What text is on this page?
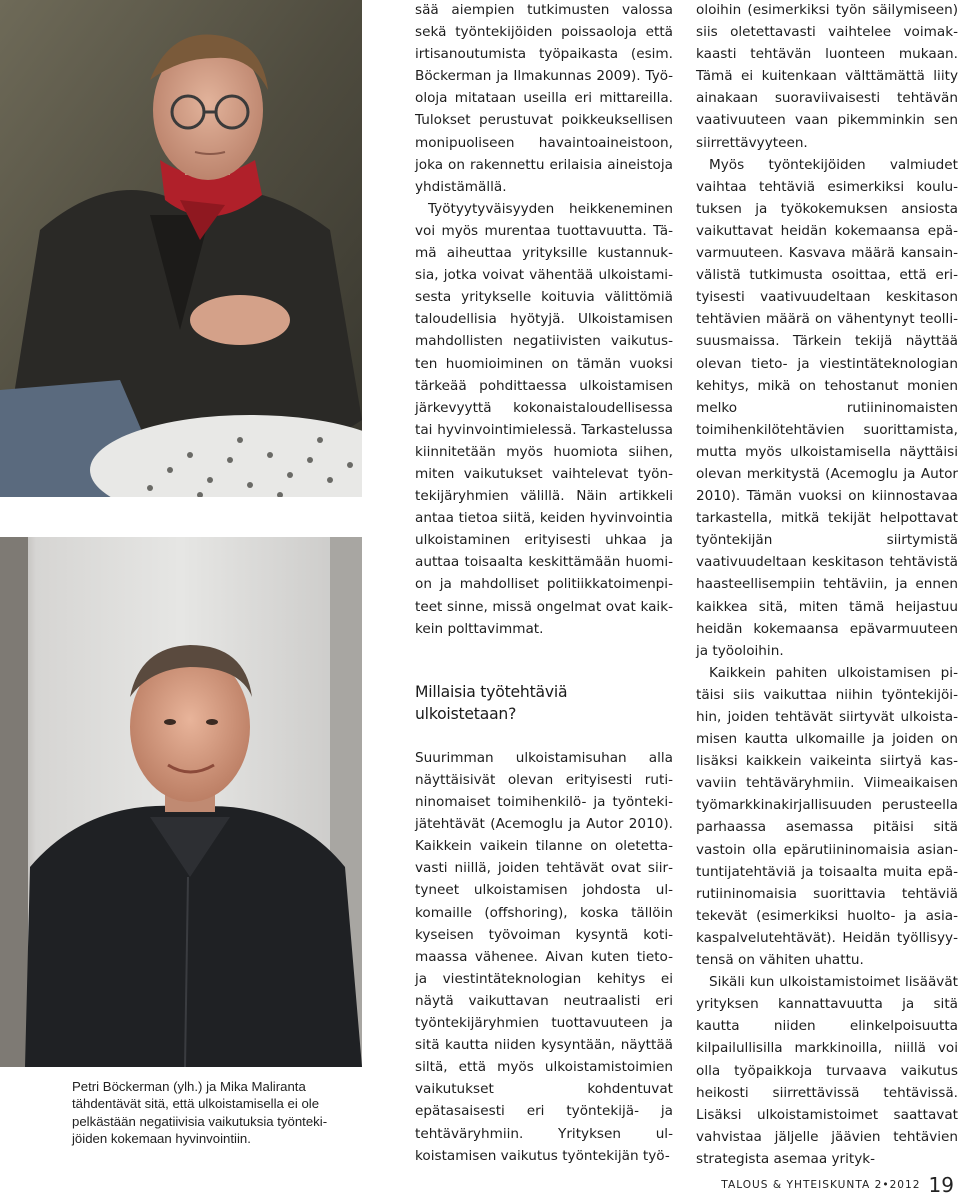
Petri Böckerman (ylh.) ja Mika Maliranta tähdentävät sitä, että ulkoistamisella ei ole pelkästään negatiivisia vaikutuksia työntekijöiden kokemaan hyvinvointiin.

sää aiempien tutkimusten valossa sekä työntekijöiden poissaoloja että irtisanoutumista työpaikasta (esim. Böckerman ja Ilmakunnas 2009). Työoloja mitataan useilla eri mittareilla. Tulokset perustuvat poikkeuksellisen monipuoliseen havaintoaineistoon, joka on rakennettu erilaisia aineistoja yhdistämällä.

Työtyytyväisyyden heikkeneminen voi myös murentaa tuottavuutta. Tämä aiheuttaa yrityksille kustannuksia, jotka voivat vähentää ulkoistamisesta yritykselle koituvia välittömiä taloudellisia hyötyjä. Ulkoistamisen mahdollisten negatiivisten vaikutusten huomioiminen on tämän vuoksi tärkeää pohdittaessa ulkoistamisen järkevyyttä kokonaistaloudellisessa tai hyvinvointimielessä. Tarkastelussa kiinnitetään myös huomiota siihen, miten vaikutukset vaihtelevat työntekijäryhmien välillä. Näin artikkeli antaa tietoa siitä, keiden hyvinvointia ulkoistaminen erityisesti uhkaa ja auttaa toisaalta keskittämään huomion ja mahdolliset politiikkatoimenpiteet sinne, missä ongelmat ovat kaikkein polttavimmat.

Millaisia työtehtäviä ulkoistetaan?

Suurimman ulkoistamisuhan alla näyttäisivät olevan erityisesti rutininomaiset toimihenkilö- ja työntekijätehtävät (Acemoglu ja Autor 2010). Kaikkein vaikein tilanne on oletettavasti niillä, joiden tehtävät ovat siirtyneet ulkoistamisen johdosta ulkomaille (offshoring), koska tällöin kyseisen työvoiman kysyntä kotimaassa vähenee. Aivan kuten tieto- ja viestintäteknologian kehitys ei näytä vaikuttavan neutraalisti eri työntekijäryhmien tuottavuuteen ja sitä kautta niiden kysyntään, näyttää siltä, että myös ulkoistamistoimien vaikutukset kohdentuvat epätasaisesti eri työntekijä- ja tehtäväryhmiin. Yrityksen ulkoistamisen vaikutus työntekijän työ-

oloihin (esimerkiksi työn säilymiseen) siis oletettavasti vaihtelee voimakkaasti tehtävän luonteen mukaan. Tämä ei kuitenkaan välttämättä liity ainakaan suoraviivaisesti tehtävän vaativuuteen vaan pikemminkin sen siirrettävyyteen.

Myös työntekijöiden valmiudet vaihtaa tehtäviä esimerkiksi koulutuksen ja työkokemuksen ansiosta vaikuttavat heidän kokemaansa epävarmuuteen. Kasvava määrä kansainvälistä tutkimusta osoittaa, että erityisesti vaativuudeltaan keskitason tehtävien määrä on vähentynyt teollisuusmaissa. Tärkein tekijä näyttää olevan tieto- ja viestintäteknologian kehitys, mikä on tehostanut monien melko rutiininomaisten toimihenkilötehtävien suorittamista, mutta myös ulkoistamisella näyttäisi olevan merkitystä (Acemoglu ja Autor 2010). Tämän vuoksi on kiinnostavaa tarkastella, mitkä tekijät helpottavat työntekijän siirtymistä vaativuudeltaan keskitason tehtävistä haasteellisempiin tehtäviin, ja ennen kaikkea sitä, miten tämä heijastuu heidän kokemaansa epävarmuuteen ja työoloihin.

Kaikkein pahiten ulkoistamisen pitäisi siis vaikuttaa niihin työntekijöihin, joiden tehtävät siirtyvät ulkoistamisen kautta ulkomaille ja joiden on lisäksi kaikkein vaikeinta siirtyä kasvaviin tehtäväryhmiin. Viimeaikaisen työmarkkinakirjallisuuden perusteella parhaassa asemassa pitäisi sitä vastoin olla epärutiininomaisia asiantuntijatehtäviä ja toisaalta muita epärutiininomaisia suorittavia tehtäviä tekevät (esimerkiksi huolto- ja asiakaspalvelutehtävät). Heidän työllisyytensä on vähiten uhattu.

Sikäli kun ulkoistamistoimet lisäävät yrityksen kannattavuutta ja sitä kautta niiden elinkelpoisuutta kilpailullisilla markkinoilla, niillä voi olla työpaikkoja turvaava vaikutus heikosti siirrettävissä tehtävissä. Lisäksi ulkoistamistoimet saattavat vahvistaa jäljelle jäävien tehtävien strategista asemaa yrityk-

TALOUS & YHTEISKUNTA 2•2012 19
